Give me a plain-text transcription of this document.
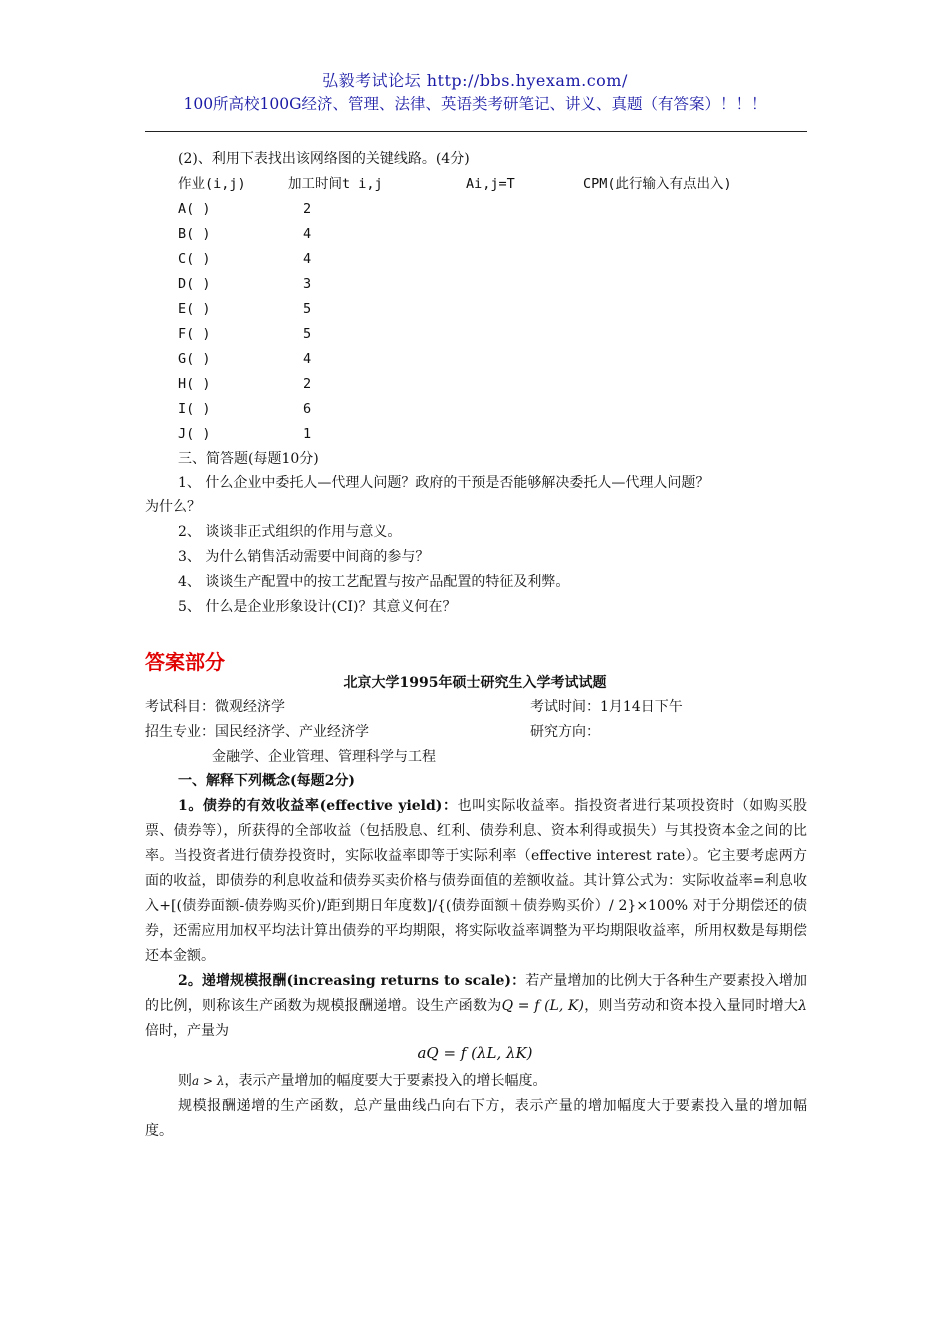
弘毅考试论坛 http://bbs.hyexam.com/
100所高校100G经济、管理、法律、英语类考研笔记、讲义、真题（有答案）！！！
(2)、利用下表找出该网络图的关键线路。(4分)
作业(i,j)	加工时间t i,j	Ai,j=T	CPM(此行输入有点出入)
A( )	2
B( )	4
C( )	4
D( )	3
E( )	5
F( )	5
G( )	4
H( )	2
I( )	6
J( )	1
三、简答题(每题10分)
1、 什么企业中委托人—代理人问题？政府的干预是否能够解决委托人—代理人问题？
为什么？
2、 谈谈非正式组织的作用与意义。
3、 为什么销售活动需要中间商的参与？
4、 谈谈生产配置中的按工艺配置与按产品配置的特征及利弊。
5、 什么是企业形象设计(CI)？其意义何在？
答案部分
北京大学1995年硕士研究生入学考试试题
考试科目：微观经济学	考试时间：1月14日下午
招生专业：国民经济学、产业经济学	研究方向：
金融学、企业管理、管理科学与工程
一、解释下列概念(每题2分)
1。债券的有效收益率(effective yield)：也叫实际收益率。指投资者进行某项投资时（如购买股票、债券等），所获得的全部收益（包括股息、红利、债券利息、资本利得或损失）与其投资本金之间的比率。当投资者进行债券投资时，实际收益率即等于实际利率（effective interest rate）。它主要考虑两方面的收益，即债券的利息收益和债券买卖价格与债券面值的差额收益。其计算公式为：实际收益率=利息收入+[(债券面额-债券购买价)/距到期日年度数]/{(债券面额＋债券购买价）/ 2}×100% 对于分期偿还的债券，还需应用加权平均法计算出债券的平均期限，将实际收益率调整为平均期限收益率，所用权数是每期偿还本金额。
2。递增规模报酬(increasing returns to scale)：若产量增加的比例大于各种生产要素投入增加的比例，则称该生产函数为规模报酬递增。设生产函数为Q = f (L, K)，则当劳动和资本投入量同时增大λ倍时，产量为
aQ = f (λL, λK)
则a > λ，表示产量增加的幅度要大于要素投入的增长幅度。
规模报酬递增的生产函数，总产量曲线凸向右下方，表示产量的增加幅度大于要素投入量的增加幅度。
